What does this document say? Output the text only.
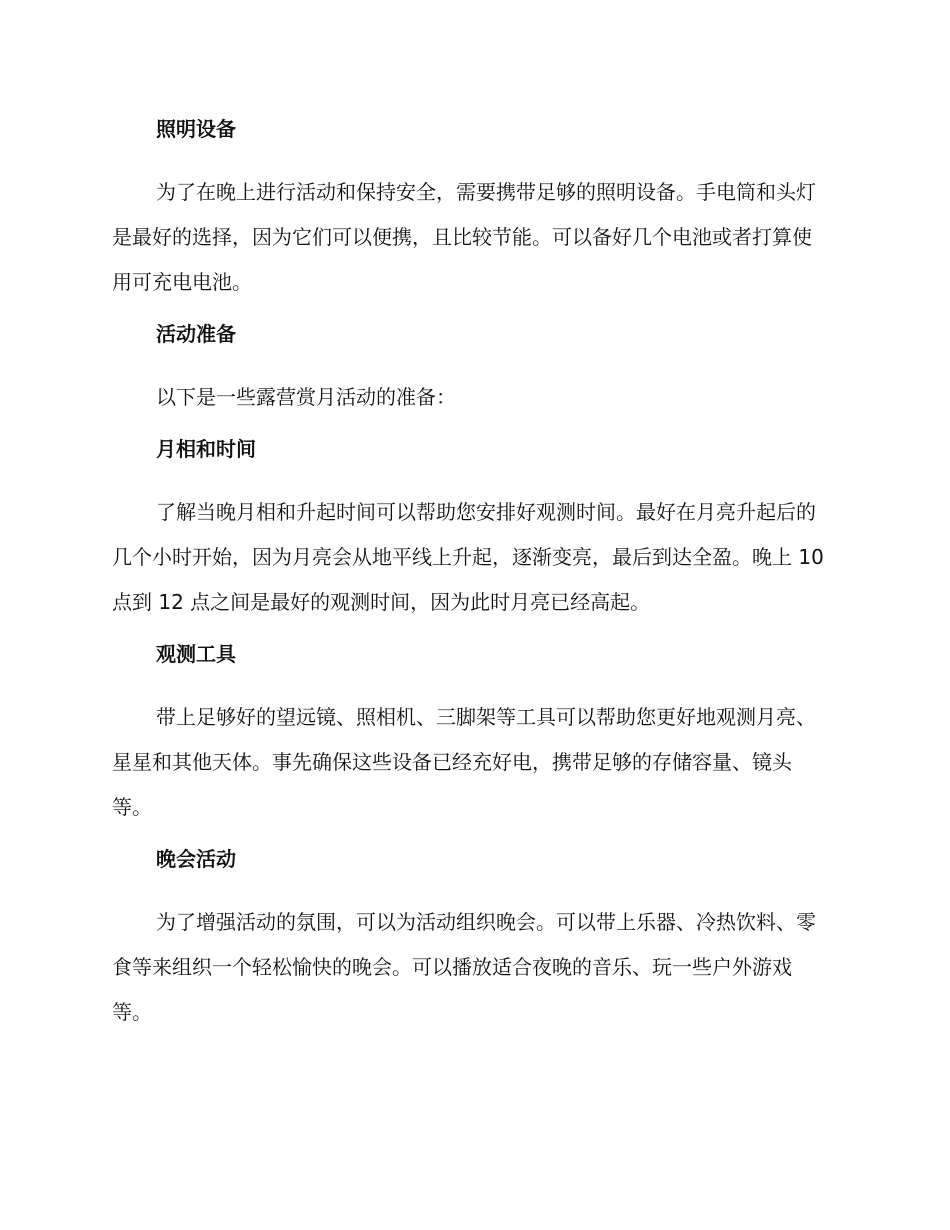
照明设备
为了在晚上进行活动和保持安全，需要携带足够的照明设备。手电筒和头灯是最好的选择，因为它们可以便携，且比较节能。可以备好几个电池或者打算使用可充电电池。
活动准备
以下是一些露营赏月活动的准备：
月相和时间
了解当晚月相和升起时间可以帮助您安排好观测时间。最好在月亮升起后的几个小时开始，因为月亮会从地平线上升起，逐渐变亮，最后到达全盈。晚上 10 点到 12 点之间是最好的观测时间，因为此时月亮已经高起。
观测工具
带上足够好的望远镜、照相机、三脚架等工具可以帮助您更好地观测月亮、星星和其他天体。事先确保这些设备已经充好电，携带足够的存储容量、镜头等。
晚会活动
为了增强活动的氛围，可以为活动组织晚会。可以带上乐器、冷热饮料、零食等来组织一个轻松愉快的晚会。可以播放适合夜晚的音乐、玩一些户外游戏等。
